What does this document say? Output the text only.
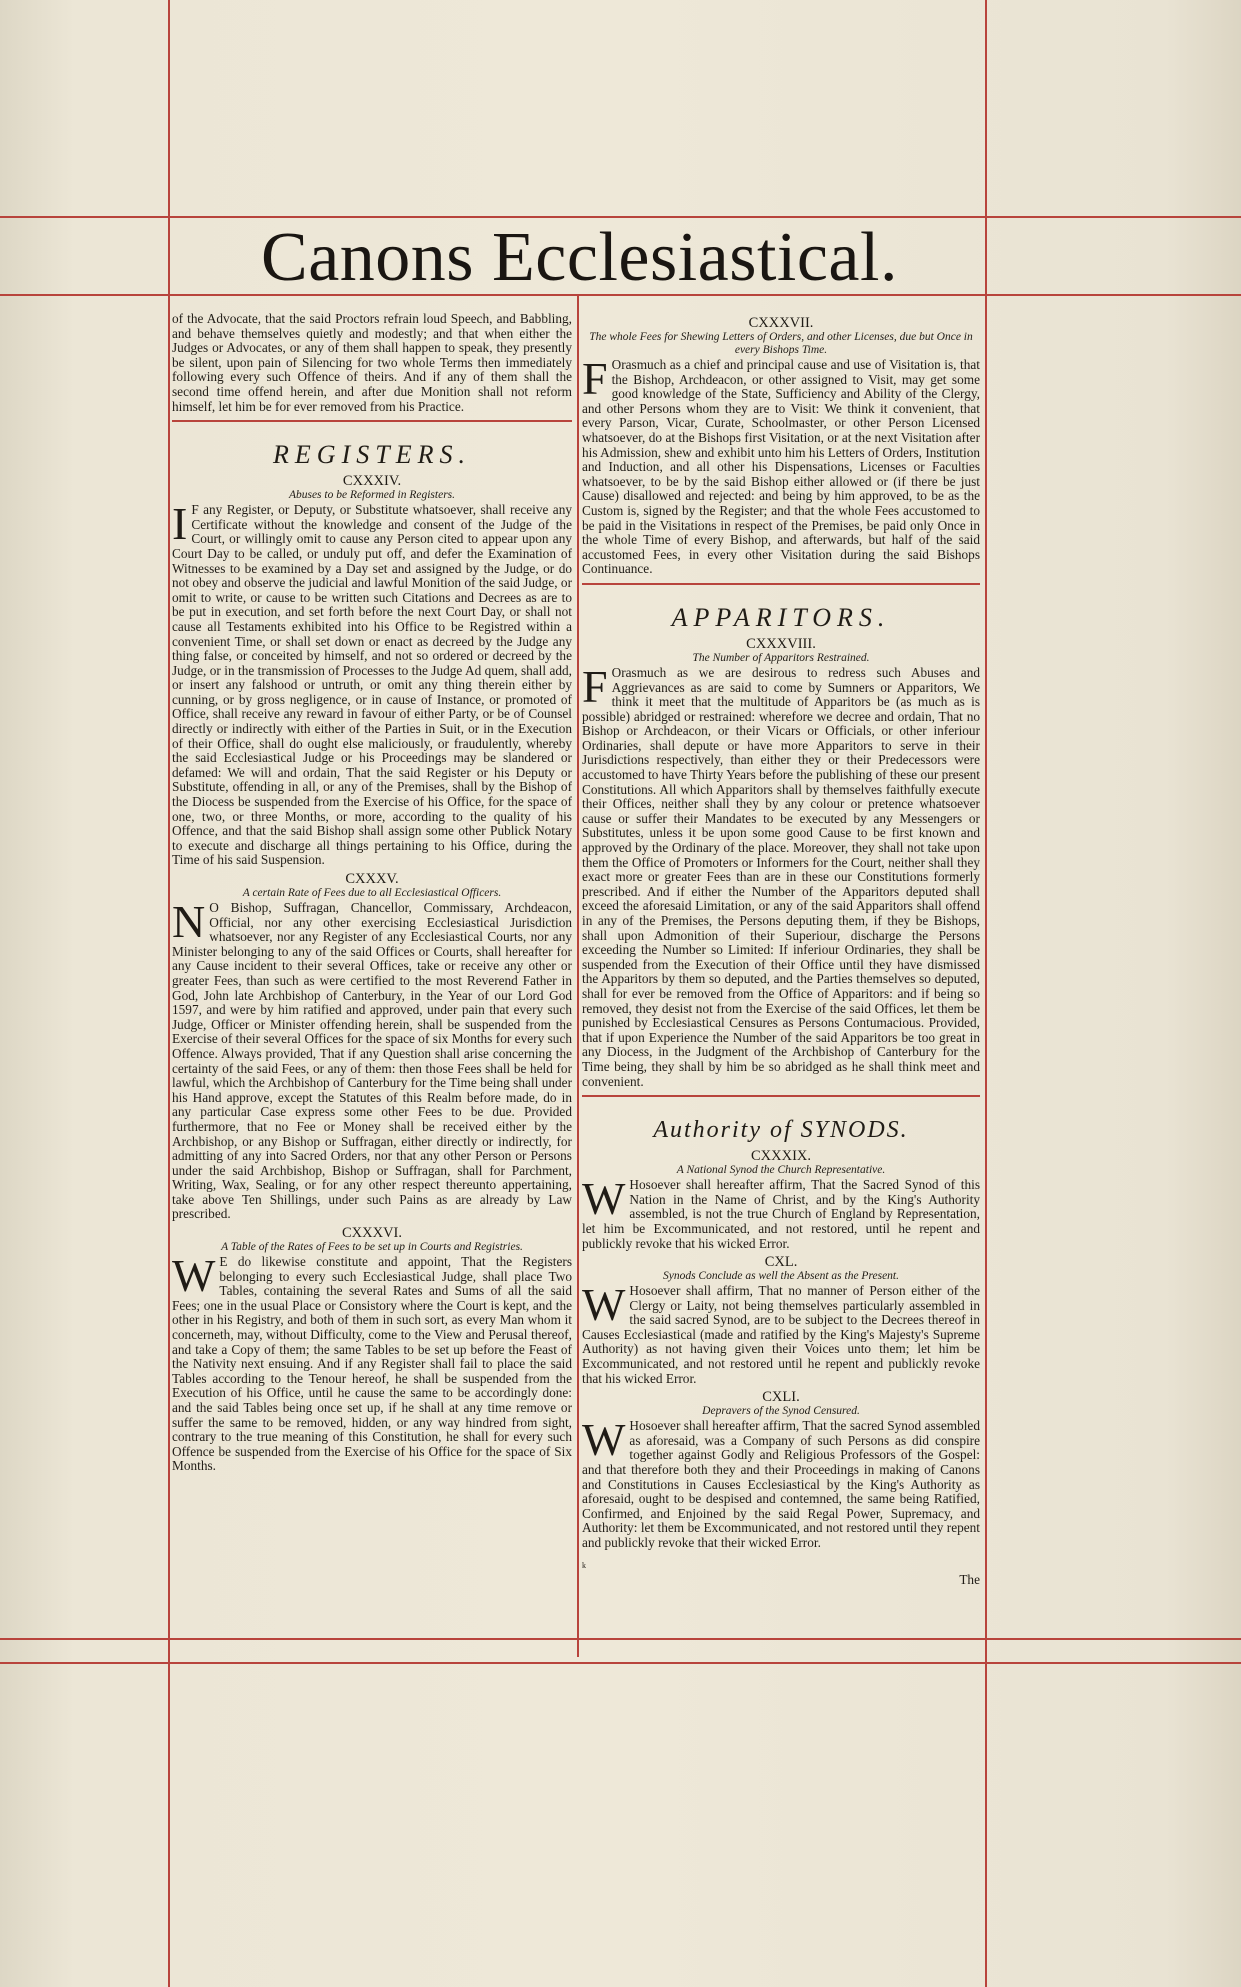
Canons Ecclesiastical.

of the Advocate, that the said Proctors refrain loud Speech, and Babbling, and behave themselves quietly and modestly; and that when either the Judges or Advocates, or any of them shall happen to speak, they presently be silent, upon pain of Silencing for two whole Terms then immediately following every such Offence of theirs. And if any of them shall the second time offend herein, and after due Monition shall not reform himself, let him be for ever removed from his Practice.

REGISTERS.
CXXXIV.
Abuses to be Reformed in Registers.

I F any Register, or Deputy, or Substitute whatsoever, shall receive any Certificate without the knowledge and consent of the Judge of the Court, or willingly omit to cause any Person cited to appear upon any Court Day to be called, or unduly put off, and defer the Examination of Witnesses to be examined by a Day set and assigned by the Judge, or do not obey and observe the judicial and lawful Monition of the said Judge, or omit to write, or cause to be written such Citations and Decrees as are to be put in execution, and set forth before the next Court Day, or shall not cause all Testaments exhibited into his Office to be Registred within a convenient Time, or shall set down or enact as decreed by the Judge any thing false, or conceited by himself, and not so ordered or decreed by the Judge, or in the transmission of Processes to the Judge Ad quem, shall add, or insert any falshood or untruth, or omit any thing therein either by cunning, or by gross negligence, or in cause of Instance, or promoted of Office, shall receive any reward in favour of either Party, or be of Counsel directly or indirectly with either of the Parties in Suit, or in the Execution of their Office, shall do ought else maliciously, or fraudulently, whereby the said Ecclesiastical Judge or his Proceedings may be slandered or defamed: We will and ordain, That the said Register or his Deputy or Substitute, offending in all, or any of the Premises, shall by the Bishop of the Diocess be suspended from the Exercise of his Office, for the space of one, two, or three Months, or more, according to the quality of his Offence, and that the said Bishop shall assign some other Publick Notary to execute and discharge all things pertaining to his Office, during the Time of his said Suspension.

CXXXV.
A certain Rate of Fees due to all Ecclesiastical Officers.

N O Bishop, Suffragan, Chancellor, Commissary, Archdeacon, Official, nor any other exercising Ecclesiastical Jurisdiction whatsoever, nor any Register of any Ecclesiastical Courts, nor any Minister belonging to any of the said Offices or Courts, shall hereafter for any Cause incident to their several Offices, take or receive any other or greater Fees, than such as were certified to the most Reverend Father in God, John late Archbishop of Canterbury, in the Year of our Lord God 1597, and were by him ratified and approved, under pain that every such Judge, Officer or Minister offending herein, shall be suspended from the Exercise of their several Offices for the space of six Months for every such Offence. Always provided, That if any Question shall arise concerning the certainty of the said Fees, or any of them: then those Fees shall be held for lawful, which the Archbishop of Canterbury for the Time being shall under his Hand approve, except the Statutes of this Realm before made, do in any particular Case express some other Fees to be due. Provided furthermore, that no Fee or Money shall be received either by the Archbishop, or any Bishop or Suffragan, either directly or indirectly, for admitting of any into Sacred Orders, nor that any other Person or Persons under the said Archbishop, Bishop or Suffragan, shall for Parchment, Writing, Wax, Sealing, or for any other respect thereunto appertaining, take above Ten Shillings, under such Pains as are already by Law prescribed.

CXXXVI.
A Table of the Rates of Fees to be set up in Courts and Registries.

W E do likewise constitute and appoint, That the Registers belonging to every such Ecclesiastical Judge, shall place Two Tables, containing the several Rates and Sums of all the said Fees; one in the usual Place or Consistory where the Court is kept, and the other in his Registry, and both of them in such sort, as every Man whom it concerneth, may, without Difficulty, come to the View and Perusal thereof, and take a Copy of them; the same Tables to be set up before the Feast of the Nativity next ensuing. And if any Register shall fail to place the said Tables according to the Tenour hereof, he shall be suspended from the Execution of his Office, until he cause the same to be accordingly done: and the said Tables being once set up, if he shall at any time remove or suffer the same to be removed, hidden, or any way hindred from sight, contrary to the true meaning of this Constitution, he shall for every such Offence be suspended from the Exercise of his Office for the space of Six Months.

CXXXVII.
The whole Fees for Shewing Letters of Orders, and other Licenses, due but Once in every Bishops Time.

F Orasmuch as a chief and principal cause and use of Visitation is, that the Bishop, Archdeacon, or other assigned to Visit, may get some good knowledge of the State, Sufficiency and Ability of the Clergy, and other Persons whom they are to Visit: We think it convenient, that every Parson, Vicar, Curate, Schoolmaster, or other Person Licensed whatsoever, do at the Bishops first Visitation, or at the next Visitation after his Admission, shew and exhibit unto him his Letters of Orders, Institution and Induction, and all other his Dispensations, Licenses or Faculties whatsoever, to be by the said Bishop either allowed or (if there be just Cause) disallowed and rejected: and being by him approved, to be as the Custom is, signed by the Register; and that the whole Fees accustomed to be paid in the Visitations in respect of the Premises, be paid only Once in the whole Time of every Bishop, and afterwards, but half of the said accustomed Fees, in every other Visitation during the said Bishops Continuance.

APPARITORS.
CXXXVIII.
The Number of Apparitors Restrained.

F Orasmuch as we are desirous to redress such Abuses and Aggrievances as are said to come by Sumners or Apparitors, We think it meet that the multitude of Apparitors be (as much as is possible) abridged or restrained: wherefore we decree and ordain, That no Bishop or Archdeacon, or their Vicars or Officials, or other inferiour Ordinaries, shall depute or have more Apparitors to serve in their Jurisdictions respectively, than either they or their Predecessors were accustomed to have Thirty Years before the publishing of these our present Constitutions. All which Apparitors shall by themselves faithfully execute their Offices, neither shall they by any colour or pretence whatsoever cause or suffer their Mandates to be executed by any Messengers or Substitutes, unless it be upon some good Cause to be first known and approved by the Ordinary of the place. Moreover, they shall not take upon them the Office of Promoters or Informers for the Court, neither shall they exact more or greater Fees than are in these our Constitutions formerly prescribed. And if either the Number of the Apparitors deputed shall exceed the aforesaid Limitation, or any of the said Apparitors shall offend in any of the Premises, the Persons deputing them, if they be Bishops, shall upon Admonition of their Superiour, discharge the Persons exceeding the Number so Limited: If inferiour Ordinaries, they shall be suspended from the Execution of their Office until they have dismissed the Apparitors by them so deputed, and the Parties themselves so deputed, shall for ever be removed from the Office of Apparitors: and if being so removed, they desist not from the Exercise of the said Offices, let them be punished by Ecclesiastical Censures as Persons Contumacious. Provided, that if upon Experience the Number of the said Apparitors be too great in any Diocess, in the Judgment of the Archbishop of Canterbury for the Time being, they shall by him be so abridged as he shall think meet and convenient.

Authority of SYNODS.
CXXXIX.
A National Synod the Church Representative.

W Hosoever shall hereafter affirm, That the Sacred Synod of this Nation in the Name of Christ, and by the King's Authority assembled, is not the true Church of England by Representation, let him be Excommunicated, and not restored, until he repent and publickly revoke that his wicked Error.

CXL.
Synods Conclude as well the Absent as the Present.

W Hosoever shall affirm, That no manner of Person either of the Clergy or Laity, not being themselves particularly assembled in the said sacred Synod, are to be subject to the Decrees thereof in Causes Ecclesiastical (made and ratified by the King's Majesty's Supreme Authority) as not having given their Voices unto them; let him be Excommunicated, and not restored until he repent and publickly revoke that his wicked Error.

CXLI.
Depravers of the Synod Censured.

W Hosoever shall hereafter affirm, That the sacred Synod assembled as aforesaid, was a Company of such Persons as did conspire together against Godly and Religious Professors of the Gospel: and that therefore both they and their Proceedings in making of Canons and Constitutions in Causes Ecclesiastical by the King's Authority as aforesaid, ought to be despised and contemned, the same being Ratified, Confirmed, and Enjoined by the said Regal Power, Supremacy, and Authority: let them be Excommunicated, and not restored until they repent and publickly revoke that their wicked Error.

k
The
